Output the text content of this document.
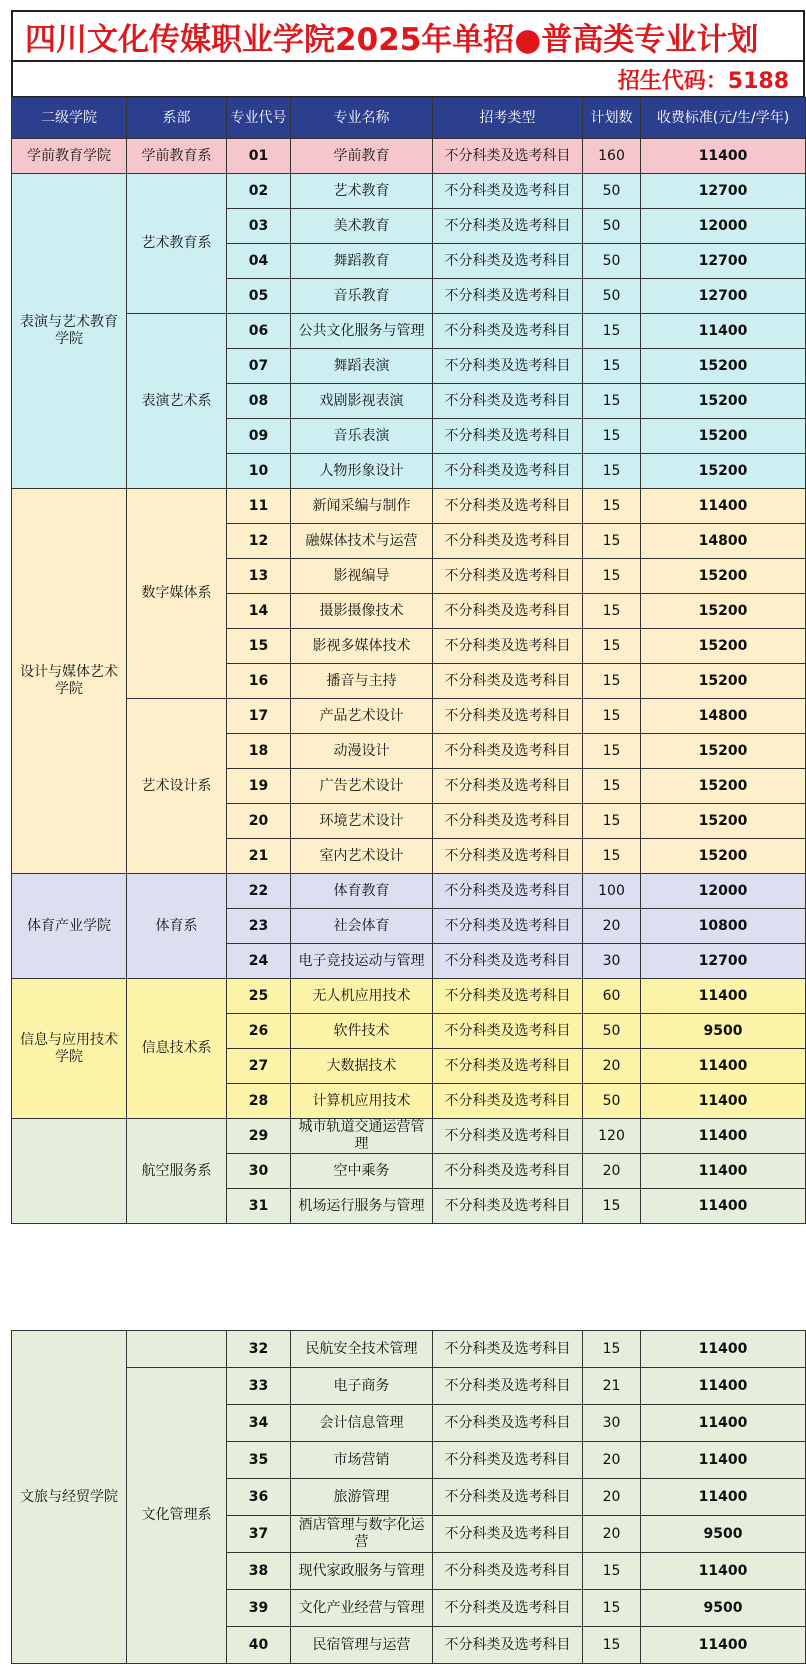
四川文化传媒职业学院2025年单招●普高类专业计划
招生代码：5188
二级学院	系部	专业代号	专业名称	招考类型	计划数	收费标准(元/生/学年)
学前教育学院	学前教育系	01	学前教育	不分科类及选考科目	160	11400
表演与艺术教育学院	艺术教育系	02	艺术教育	不分科类及选考科目	50	12700
		03	美术教育	不分科类及选考科目	50	12000
		04	舞蹈教育	不分科类及选考科目	50	12700
		05	音乐教育	不分科类及选考科目	50	12700
	表演艺术系	06	公共文化服务与管理	不分科类及选考科目	15	11400
		07	舞蹈表演	不分科类及选考科目	15	15200
		08	戏剧影视表演	不分科类及选考科目	15	15200
		09	音乐表演	不分科类及选考科目	15	15200
		10	人物形象设计	不分科类及选考科目	15	15200
设计与媒体艺术学院	数字媒体系	11	新闻采编与制作	不分科类及选考科目	15	11400
		12	融媒体技术与运营	不分科类及选考科目	15	14800
		13	影视编导	不分科类及选考科目	15	15200
		14	摄影摄像技术	不分科类及选考科目	15	15200
		15	影视多媒体技术	不分科类及选考科目	15	15200
		16	播音与主持	不分科类及选考科目	15	15200
	艺术设计系	17	产品艺术设计	不分科类及选考科目	15	14800
		18	动漫设计	不分科类及选考科目	15	15200
		19	广告艺术设计	不分科类及选考科目	15	15200
		20	环境艺术设计	不分科类及选考科目	15	15200
		21	室内艺术设计	不分科类及选考科目	15	15200
体育产业学院	体育系	22	体育教育	不分科类及选考科目	100	12000
		23	社会体育	不分科类及选考科目	20	10800
		24	电子竞技运动与管理	不分科类及选考科目	30	12700
信息与应用技术学院	信息技术系	25	无人机应用技术	不分科类及选考科目	60	11400
		26	软件技术	不分科类及选考科目	50	9500
		27	大数据技术	不分科类及选考科目	20	11400
		28	计算机应用技术	不分科类及选考科目	50	11400
	航空服务系	29	城市轨道交通运营管理	不分科类及选考科目	120	11400
		30	空中乘务	不分科类及选考科目	20	11400
		31	机场运行服务与管理	不分科类及选考科目	15	11400
文旅与经贸学院		32	民航安全技术管理	不分科类及选考科目	15	11400
	文化管理系	33	电子商务	不分科类及选考科目	21	11400
		34	会计信息管理	不分科类及选考科目	30	11400
		35	市场营销	不分科类及选考科目	20	11400
		36	旅游管理	不分科类及选考科目	20	11400
		37	酒店管理与数字化运营	不分科类及选考科目	20	9500
		38	现代家政服务与管理	不分科类及选考科目	15	11400
		39	文化产业经营与管理	不分科类及选考科目	15	9500
		40	民宿管理与运营	不分科类及选考科目	15	11400
